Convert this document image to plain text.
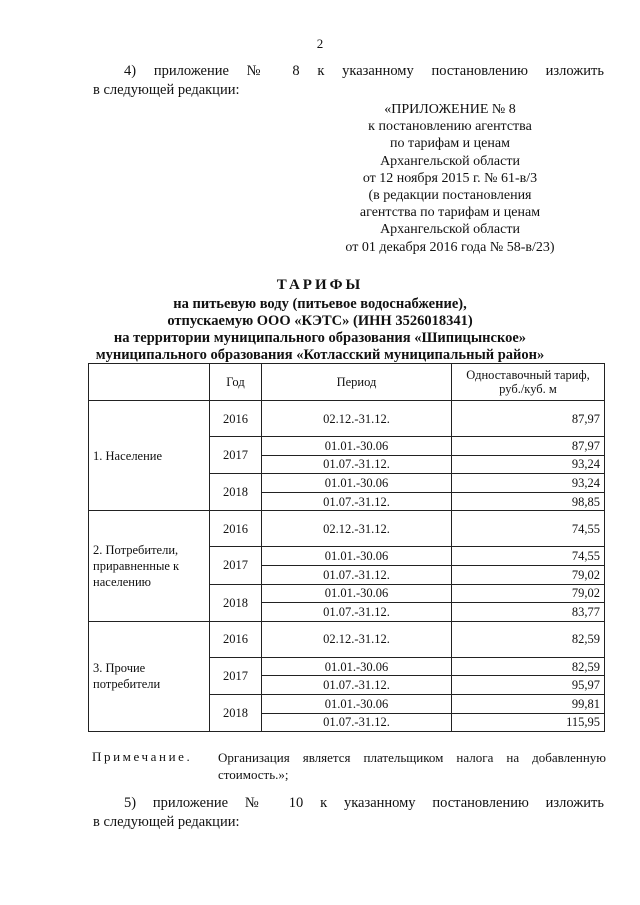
2
4) приложение № 8 к указанному постановлению изложить
в следующей редакции:
«ПРИЛОЖЕНИЕ № 8
к постановлению агентства
по тарифам и ценам
Архангельской области
от 12 ноября 2015 г. № 61-в/3
(в редакции постановления
агентства по тарифам и ценам
Архангельской области
от 01 декабря 2016 года № 58-в/23)
ТАРИФЫ
на питьевую воду (питьевое водоснабжение),
отпускаемую ООО «КЭТС» (ИНН 3526018341)
на территории муниципального образования «Шипицынское»
муниципального образования «Котласский муниципальный район»
	Год	Период	Одноставочный тариф,
руб./куб. м

1. Население	2016	02.12.-31.12.	87,97
	2017	01.01.-30.06	87,97
		01.07.-31.12.	93,24
	2018	01.01.-30.06	93,24
		01.07.-31.12.	98,85

2. Потребители,
приравненные к
населению	2016	02.12.-31.12.	74,55
	2017	01.01.-30.06	74,55
		01.07.-31.12.	79,02
	2018	01.01.-30.06	79,02
		01.07.-31.12.	83,77

3. Прочие
потребители	2016	02.12.-31.12.	82,59
	2017	01.01.-30.06	82,59
		01.07.-31.12.	95,97
	2018	01.01.-30.06	99,81
		01.07.-31.12.	115,95
Примечание. Организация является плательщиком налога на добавленную
стоимость.»;
5) приложение № 10 к указанному постановлению изложить
в следующей редакции:
